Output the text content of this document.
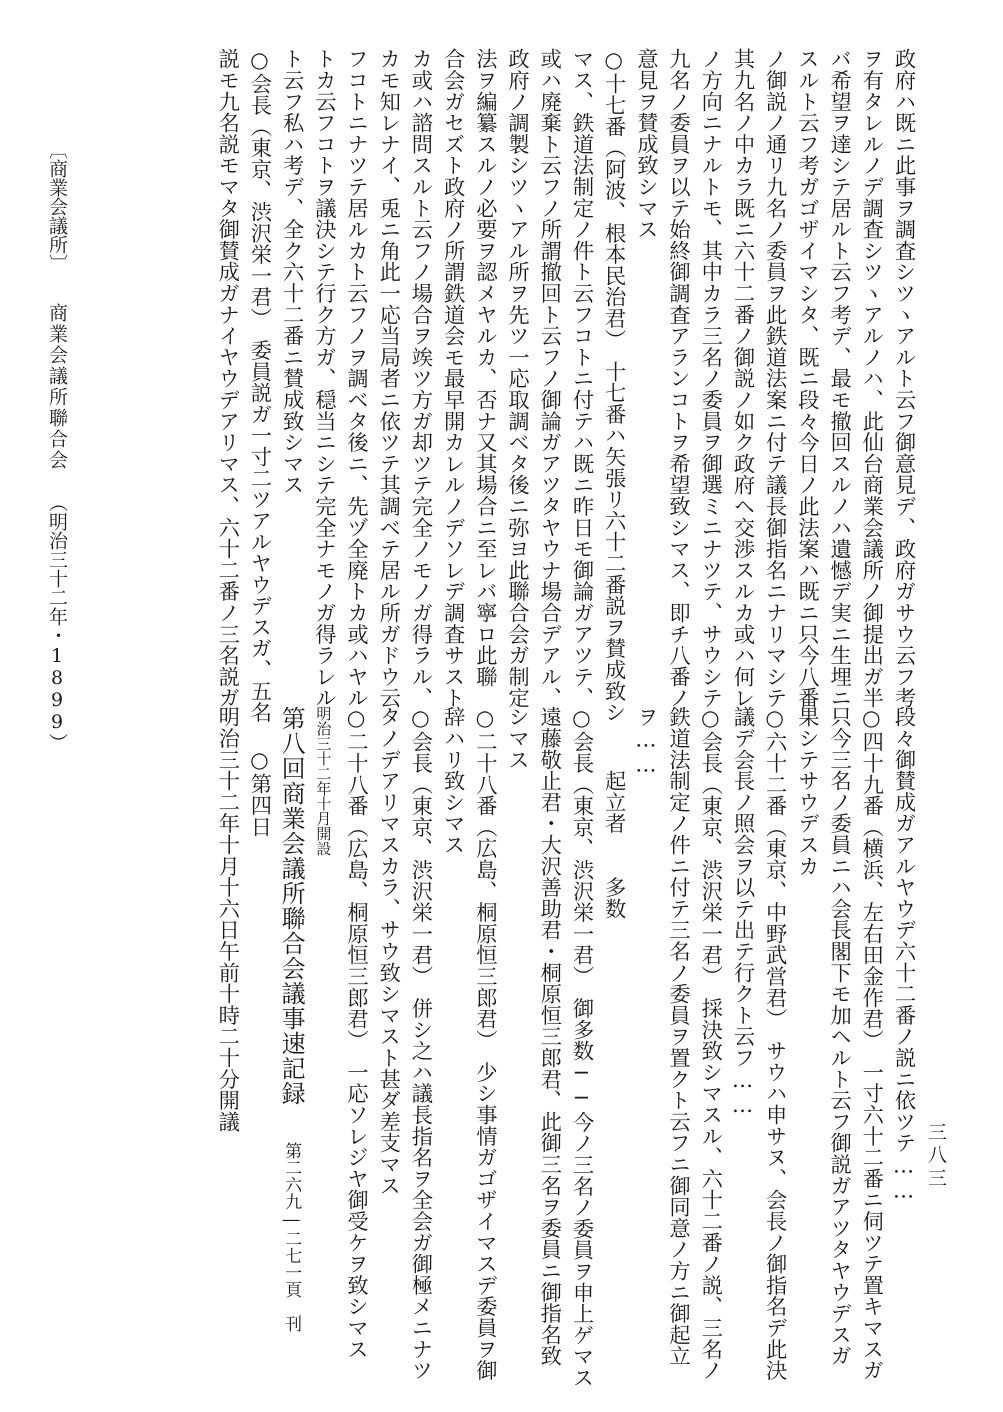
政府ハ既ニ此事ヲ調査シツヽアルト云フ御意見デ、政府ガサウ云フ考
ヲ有タレルノデ調査シツヽアルノハ、此仙台商業会議所ノ御提出ガ半
バ希望ヲ達シテ居ルト云フ考デ、最モ撤回スルノハ遺憾デ実ニ生埋ニ
スルト云フ考ガゴザイマシタ、既ニ段々今日ノ此法案ハ既ニ只今八番
ノ御説ノ通リ九名ノ委員ヲ此鉄道法案ニ付テ議長御指名ニナリマシテ
其九名ノ中カラ既ニ六十二番ノ御説ノ如ク政府ヘ交渉スルカ或ハ何レ
ノ方向ニナルトモ、其中カラ三名ノ委員ヲ御選ミニナツテ、サウシテ
九名ノ委員ヲ以テ始終御調査アランコトヲ希望致シマス、即チ八番ノ
意見ヲ賛成致シマス
○十七番（阿波、根本民治君）　十七番ハ矢張リ六十二番説ヲ賛成致シ
マス、鉄道法制定ノ件ト云フコトニ付テハ既ニ昨日モ御論ガアツテ、
或ハ廃棄ト云フノ所謂撤回ト云フノ御論ガアツタヤウナ場合デアル、
政府ノ調製シツヽアル所ヲ先ツ一応取調ベタ後ニ弥ヨ此聯合会ガ制定
法ヲ編纂スルノ必要ヲ認メヤルカ、否ナ又其場合ニ至レバ寧ロ此聯
合会ガセズト政府ノ所謂鉄道会モ最早開カレルノデソレデ調査サスト
カ或ハ諮問スルト云フノ場合ヲ竢ツ方ガ却ツテ完全ノモノガ得ラル、
カモ知レナイ、兎ニ角此一応当局者ニ依ツテ其調ベテ居ル所ガドウ云
フコトニナツテ居ルカト云フノヲ調ベタ後ニ、先ヅ全廃トカ或ハヤル
トカ云フコトヲ議決シテ行ク方ガ、穏当ニシテ完全ナモノガ得ラレル
ト云フ私ハ考デ、全ク六十二番ニ賛成致シマス
○会長（東京、渋沢栄一君）　委員説ガ一寸二ツアルヤウデスガ、五名
説モ九名説モマタ御賛成ガナイヤウデアリマス、六十二番ノ三名説ガ
段々御賛成ガアルヤウデ六十二番ノ説ニ依ツテ……
○四十九番（横浜、左右田金作君）　一寸六十二番ニ伺ツテ置キマスガ
只今三名ノ委員ニハ会長閣下モ加ヘルト云フ御説ガアツタヤウデスガ
果シテサウデスカ
○六十二番（東京、中野武営君）　サウハ申サヌ、会長ノ御指名デ此決
議デ会長ノ照会ヲ以テ出テ行クト云フ……
○会長（東京、渋沢栄一君）　採決致シマスル、六十二番ノ説、三名ノ
鉄道法制定ノ件ニ付テ三名ノ委員ヲ置クト云フニ御同意ノ方ニ御起立
ヲ……
　　　起立者　　多数
○会長（東京、渋沢栄一君）　御多数──今ノ三名ノ委員ヲ申上ゲマス
遠藤敬止君・大沢善助君・桐原恒三郎君、此御三名ヲ委員ニ御指名致
シマス
○二十八番（広島、桐原恒三郎君）　少シ事情ガゴザイマスデ委員ヲ御
辞ハリ致シマス
○会長（東京、渋沢栄一君）　併シ之ハ議長指名ヲ全会ガ御極メニナツ
タノデアリマスカラ、サウ致シマスト甚ダ差支マス
○二十八番（広島、桐原恒三郎君）　一応ソレジヤ御受ケヲ致シマス
明治三十二年十月開設
第八回商業会議所聯合会議事速記録第二六九―二七一頁　刊
○第四日
明治三十二年十月十六日午前十時二十分開議
〔商業会議所〕商業会議所聯合会（明治三十二年・1899）
三八三
